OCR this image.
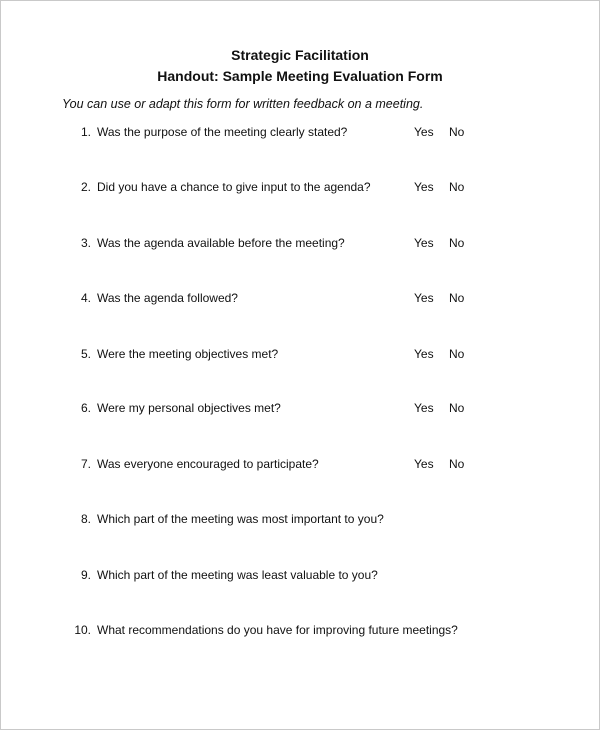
Strategic Facilitation
Handout: Sample Meeting Evaluation Form
You can use or adapt this form for written feedback on a meeting.
1. Was the purpose of the meeting clearly stated?	Yes No
2. Did you have a chance to give input to the agenda?	Yes No
3. Was the agenda available before the meeting?	Yes No
4. Was the agenda followed?	Yes No
5. Were the meeting objectives met?	Yes No
6. Were my personal objectives met?	Yes No
7. Was everyone encouraged to participate?	Yes No
8. Which part of the meeting was most important to you?
9. Which part of the meeting was least valuable to you?
10. What recommendations do you have for improving future meetings?
